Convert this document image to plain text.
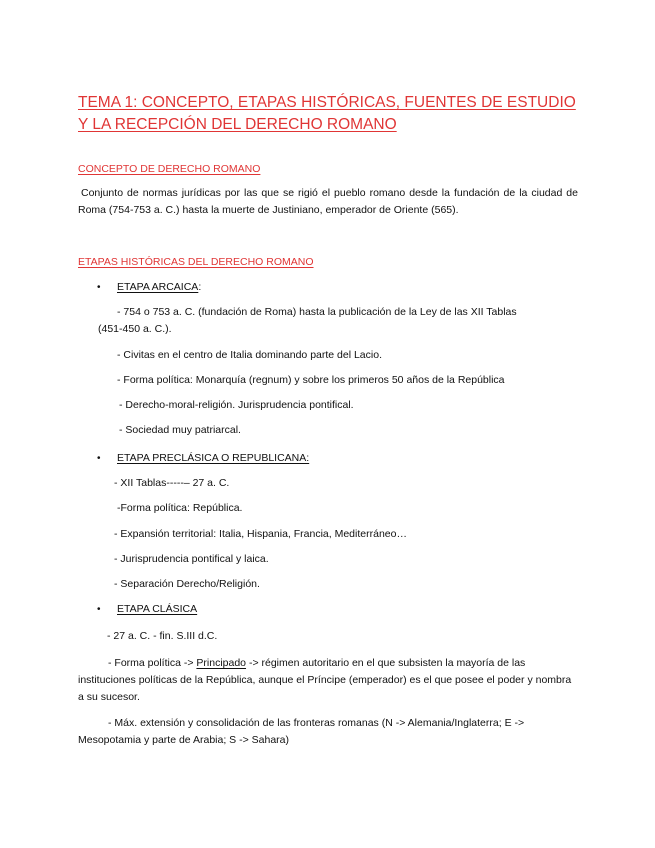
TEMA 1: CONCEPTO, ETAPAS HISTÓRICAS, FUENTES DE ESTUDIO Y LA RECEPCIÓN DEL DERECHO ROMANO
CONCEPTO DE DERECHO ROMANO
Conjunto de normas jurídicas por las que se rigió el pueblo romano desde la fundación de la ciudad de Roma (754-753 a. C.) hasta la muerte de Justiniano, emperador de Oriente (565).
ETAPAS HISTÓRICAS DEL DERECHO ROMANO
• ETAPA ARCAICA:
- 754 o 753 a. C. (fundación de Roma) hasta la publicación de la Ley de las XII Tablas
(451-450 a. C.).
- Civitas en el centro de Italia dominando parte del Lacio.
- Forma política: Monarquía (regnum) y sobre los primeros 50 años de la República
- Derecho-moral-religión. Jurisprudencia pontifical.
- Sociedad muy patriarcal.
• ETAPA PRECLÁSICA O REPUBLICANA:
- XII Tablas-----– 27 a. C.
-Forma política: República.
- Expansión territorial: Italia, Hispania, Francia, Mediterráneo…
- Jurisprudencia pontifical y laica.
- Separación Derecho/Religión.
• ETAPA CLÁSICA
- 27 a. C. - fin. S.III d.C.
- Forma política -> Principado -> régimen autoritario en el que subsisten la mayoría de las instituciones políticas de la República, aunque el Príncipe (emperador) es el que posee el poder y nombra a su sucesor.
- Máx. extensión y consolidación de las fronteras romanas (N -> Alemania/Inglaterra; E -> Mesopotamia y parte de Arabia; S -> Sahara)
